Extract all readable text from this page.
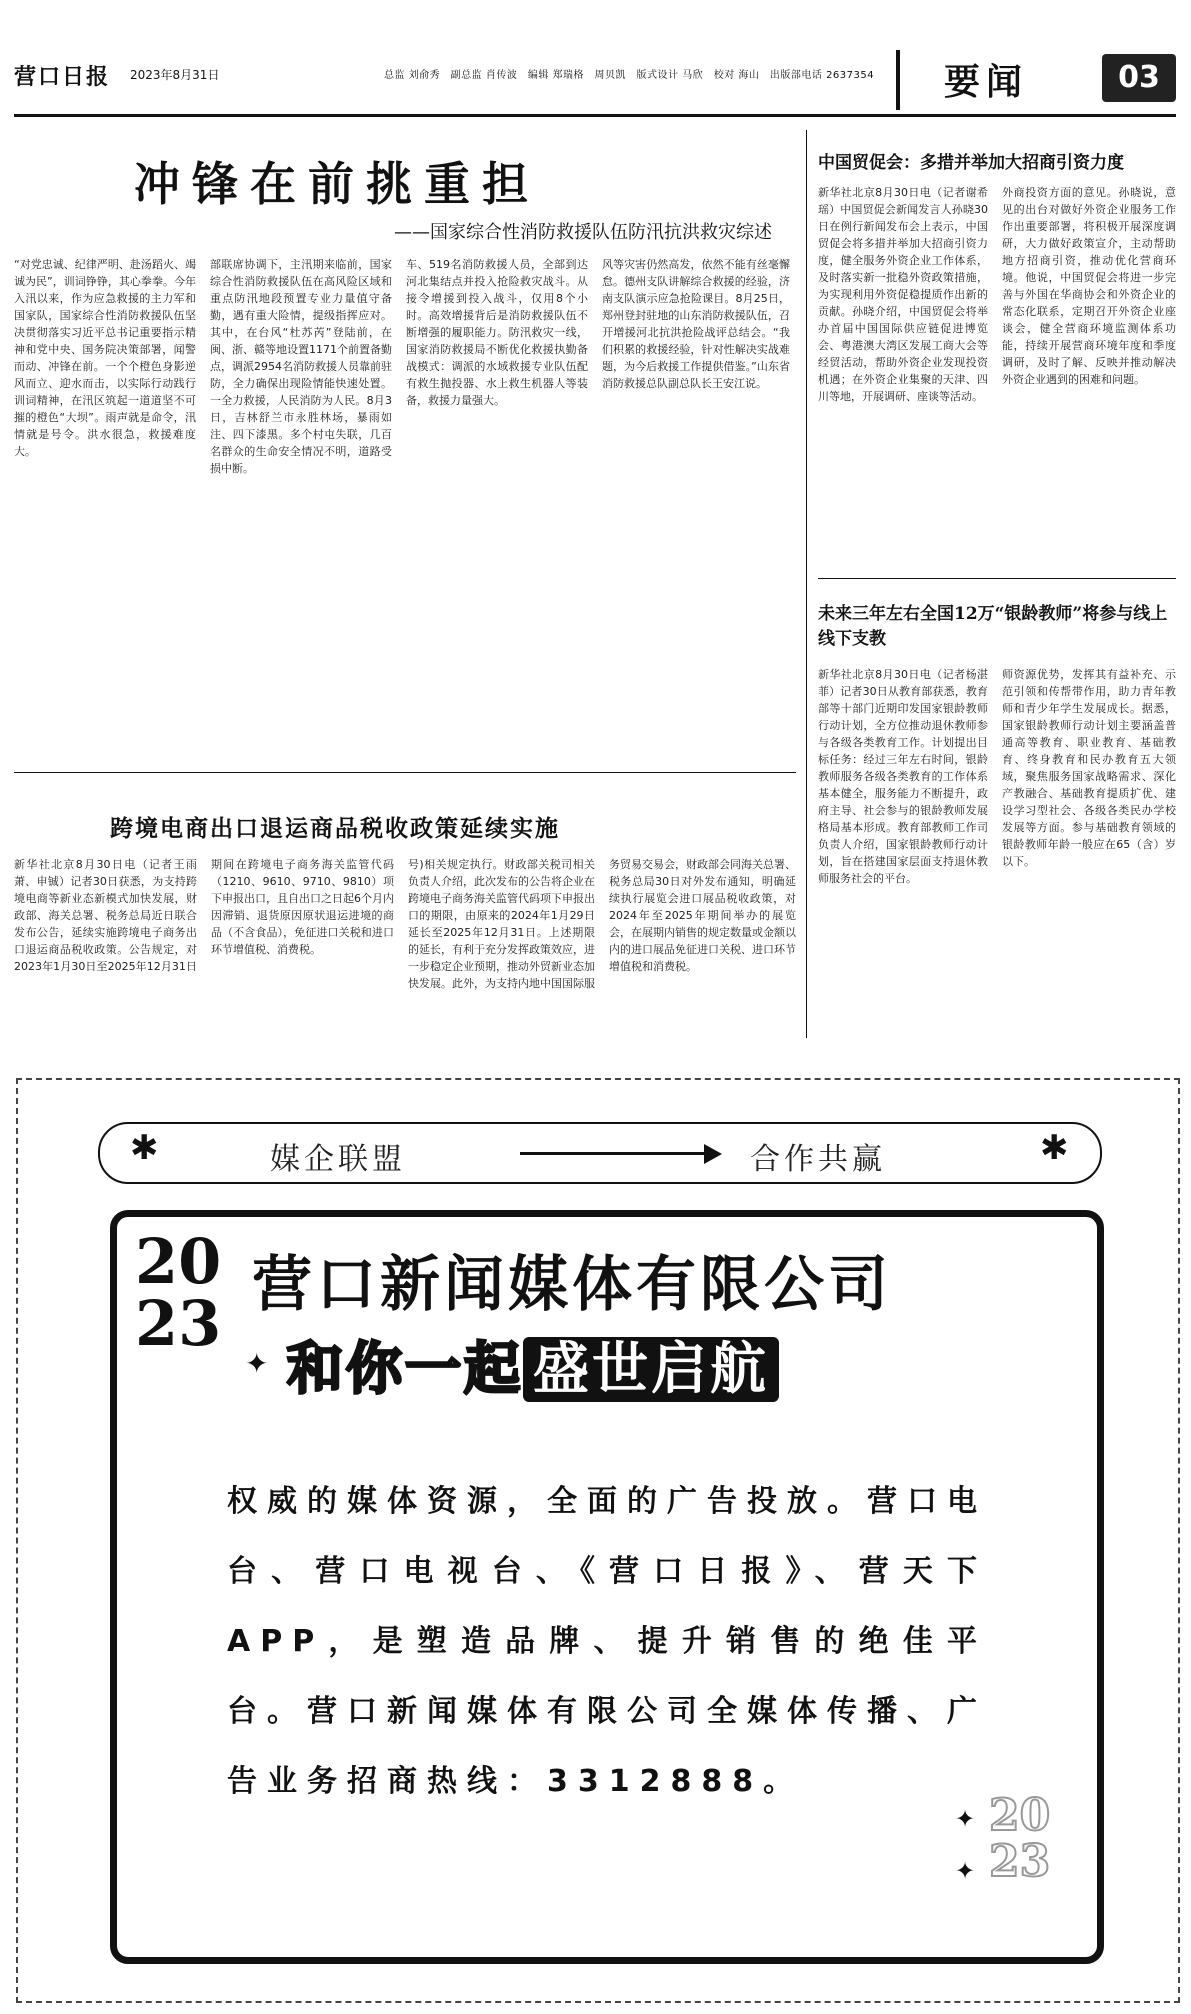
营口日报 2023年8月31日	总监 刘俞秀　副总监 肖传波　编辑 郑瑞格　周贝凯　版式设计 马欣　校对 海山　出版部电话 2637354	要闻	03
冲锋在前挑重担
——国家综合性消防救援队伍防汛抗洪救灾综述
“对党忠诚、纪律严明、赴汤蹈火、竭诚为民”，训词铮铮，其心拳拳。今年入汛以来，作为应急救援的主力军和国家队，国家综合性消防救援队伍坚决贯彻落实习近平总书记重要指示精神和党中央、国务院决策部署，闻警而动、冲锋在前。一个个橙色身影逆风而立、迎水而击，以实际行动践行训词精神，在汛区筑起一道道坚不可摧的橙色“大坝”。雨声就是命令，汛情就是号令。洪水很急，救援难度大。
部联席协调下，主汛期来临前，国家综合性消防救援队伍在高风险区域和重点防汛地段预置专业力量值守备勤，遇有重大险情，提级指挥应对。其中，在台风“杜苏芮”登陆前，在闽、浙、赣等地设置1171个前置备勤点，调派2954名消防救援人员靠前驻防，全力确保出现险情能快速处置。一全力救援，人民消防为人民。8月3日，吉林舒兰市永胜林场，暴雨如注、四下漆黑。多个村屯失联，几百名群众的生命安全情况不明，道路受损中断。
车、519名消防救援人员，全部到达河北集结点并投入抢险救灾战斗。从接令增援到投入战斗，仅用8个小时。高效增援背后是消防救援队伍不断增强的履职能力。防汛救灾一线，国家消防救援局不断优化救援执勤备战模式：调派的水域救援专业队伍配有救生抛投器、水上救生机器人等装备，救援力量强大。
风等灾害仍然高发，依然不能有丝毫懈怠。德州支队讲解综合救援的经验，济南支队演示应急抢险课目。8月25日，郑州登封驻地的山东消防救援队伍，召开增援河北抗洪抢险战评总结会。“我们积累的救援经验，针对性解决实战难题，为今后救援工作提供借鉴。”山东省消防救援总队副总队长王安江说。
中国贸促会：多措并举加大招商引资力度
新华社北京8月30日电（记者谢希瑶）中国贸促会新闻发言人孙晓30日在例行新闻发布会上表示，中国贸促会将多措并举加大招商引资力度，健全服务外资企业工作体系，及时落实新一批稳外资政策措施，为实现利用外资促稳提质作出新的贡献。孙晓介绍，中国贸促会将举办首届中国国际供应链促进博览会、粤港澳大湾区发展工商大会等经贸活动，帮助外资企业发现投资机遇；在外资企业集聚的天津、四川等地，开展调研、座谈等活动。
外商投资方面的意见。孙晓说，意见的出台对做好外资企业服务工作作出重要部署，将积极开展深度调研，大力做好政策宣介，主动帮助地方招商引资，推动优化营商环境。他说，中国贸促会将进一步完善与外国在华商协会和外资企业的常态化联系，定期召开外资企业座谈会，健全营商环境监测体系功能，持续开展营商环境年度和季度调研，及时了解、反映并推动解决外资企业遇到的困难和问题。
未来三年左右全国12万“银龄教师”将参与线上线下支教
新华社北京8月30日电（记者杨湛菲）记者30日从教育部获悉，教育部等十部门近期印发国家银龄教师行动计划，全方位推动退休教师参与各级各类教育工作。计划提出目标任务：经过三年左右时间，银龄教师服务各级各类教育的工作体系基本健全，服务能力不断提升，政府主导、社会参与的银龄教师发展格局基本形成。教育部教师工作司负责人介绍，国家银龄教师行动计划，旨在搭建国家层面支持退休教师服务社会的平台。
师资源优势，发挥其有益补充、示范引领和传帮带作用，助力青年教师和青少年学生发展成长。据悉，国家银龄教师行动计划主要涵盖普通高等教育、职业教育、基础教育、终身教育和民办教育五大领域，聚焦服务国家战略需求、深化产教融合、基础教育提质扩优、建设学习型社会、各级各类民办学校发展等方面。参与基础教育领域的银龄教师年龄一般应在65（含）岁以下。
跨境电商出口退运商品税收政策延续实施
新华社北京8月30日电（记者王雨萧、申铖）记者30日获悉，为支持跨境电商等新业态新模式加快发展，财政部、海关总署、税务总局近日联合发布公告，延续实施跨境电子商务出口退运商品税收政策。公告规定，对2023年1月30日至2025年12月31日期间在跨境电子商务海关监管代码（1210、9610、9710、9810）项下申报出口，且自出口之日起6个月内因滞销、退货原因原状退运进境的商品（不含食品），免征进口关税和进口环节增值税、消费税。
号)相关规定执行。财政部关税司相关负责人介绍，此次发布的公告将企业在跨境电子商务海关监管代码项下申报出口的期限，由原来的2024年1月29日延长至2025年12月31日。上述期限的延长，有利于充分发挥政策效应，进一步稳定企业预期，推动外贸新业态加快发展。此外，为支持内地中国国际服务贸易交易会，财政部会同海关总署、税务总局30日对外发布通知，明确延续执行展览会进口展品税收政策，对2024年至2025年期间举办的展览会，在展期内销售的规定数量或金额以内的进口展品免征进口关税、进口环节增值税和消费税。
✱	媒企联盟	合作共赢	✱
20
23
营口新闻媒体有限公司
✦ 和你一起 盛世启航
权威的媒体资源，全面的广告投放。营口电台、营口电视台、《营口日报》、营天下APP，是塑造品牌、提升销售的绝佳平台。营口新闻媒体有限公司全媒体传播、广告业务招商热线：3312888。
✦
✦
20
23
